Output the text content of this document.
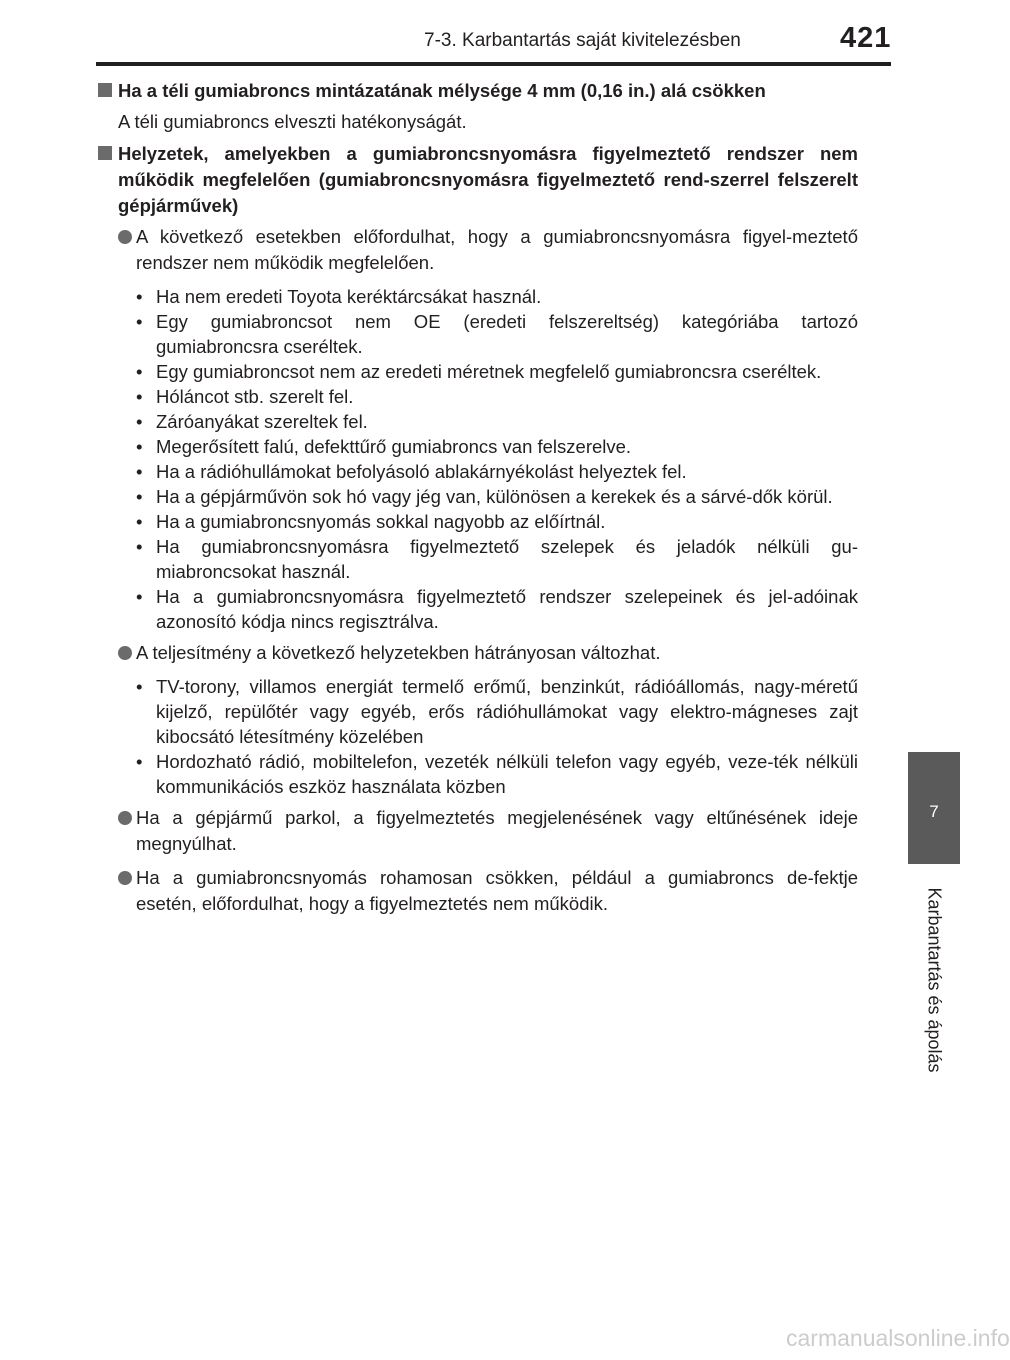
7-3. Karbantartás saját kivitelezésben	421
7
Karbantartás és ápolás
Ha a téli gumiabroncs mintázatának mélysége 4 mm (0,16 in.) alá csökken
A téli gumiabroncs elveszti hatékonyságát.
Helyzetek, amelyekben a gumiabroncsnyomásra figyelmeztető rendszer nem működik megfelelően (gumiabroncsnyomásra figyelmeztető rend-szerrel felszerelt gépjárművek)
A következő esetekben előfordulhat, hogy a gumiabroncsnyomásra figyel-meztető rendszer nem működik megfelelően.
• Ha nem eredeti Toyota keréktárcsákat használ.
• Egy gumiabroncsot nem OE (eredeti felszereltség) kategóriába tartozó gumiabroncsra cseréltek.
• Egy gumiabroncsot nem az eredeti méretnek megfelelő gumiabroncsra cseréltek.
• Hóláncot stb. szerelt fel.
• Záróanyákat szereltek fel.
• Megerősített falú, defekttűrő gumiabroncs van felszerelve.
• Ha a rádióhullámokat befolyásoló ablakárnyékolást helyeztek fel.
• Ha a gépjárművön sok hó vagy jég van, különösen a kerekek és a sárvé-dők körül.
• Ha a gumiabroncsnyomás sokkal nagyobb az előírtnál.
• Ha gumiabroncsnyomásra figyelmeztető szelepek és jeladók nélküli gu-miabroncsokat használ.
• Ha a gumiabroncsnyomásra figyelmeztető rendszer szelepeinek és jel-adóinak azonosító kódja nincs regisztrálva.
A teljesítmény a következő helyzetekben hátrányosan változhat.
• TV-torony, villamos energiát termelő erőmű, benzinkút, rádióállomás, nagy-méretű kijelző, repülőtér vagy egyéb, erős rádióhullámokat vagy elektro-mágneses zajt kibocsátó létesítmény közelében
• Hordozható rádió, mobiltelefon, vezeték nélküli telefon vagy egyéb, veze-ték nélküli kommunikációs eszköz használata közben
Ha a gépjármű parkol, a figyelmeztetés megjelenésének vagy eltűnésének ideje megnyúlhat.
Ha a gumiabroncsnyomás rohamosan csökken, például a gumiabroncs de-fektje esetén, előfordulhat, hogy a figyelmeztetés nem működik.
carmanualsonline.info
